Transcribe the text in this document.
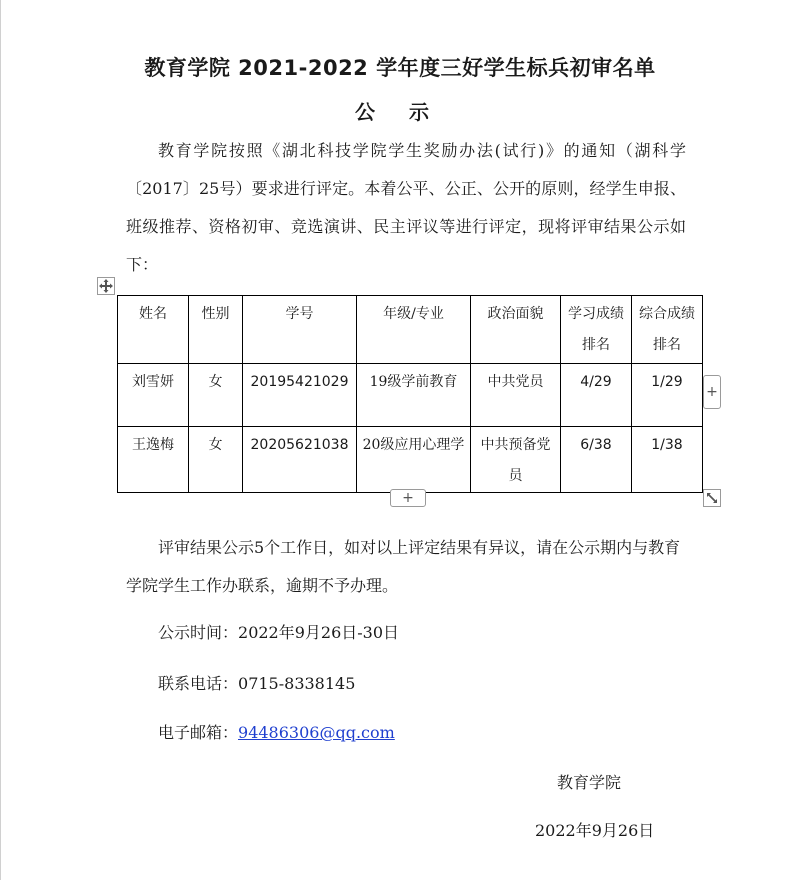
教育学院 2021-2022 学年度三好学生标兵初审名单
公示
教育学院按照《湖北科技学院学生奖励办法(试行)》的通知（湖科学〔2017〕25号）要求进行评定。本着公平、公正、公开的原则，经学生申报、班级推荐、资格初审、竞选演讲、民主评议等进行评定，现将评审结果公示如下：
姓名	性别	学号	年级/专业	政治面貌	学习成绩排名	综合成绩排名
刘雪妍	女	20195421029	19级学前教育	中共党员	4/29	1/29
王逸梅	女	20205621038	20级应用心理学	中共预备党员	6/38	1/38
+
+
评审结果公示5个工作日，如对以上评定结果有异议，请在公示期内与教育学院学生工作办联系，逾期不予办理。
公示时间：2022年9月26日-30日
联系电话：0715-8338145
电子邮箱：94486306@qq.com
教育学院
2022年9月26日
